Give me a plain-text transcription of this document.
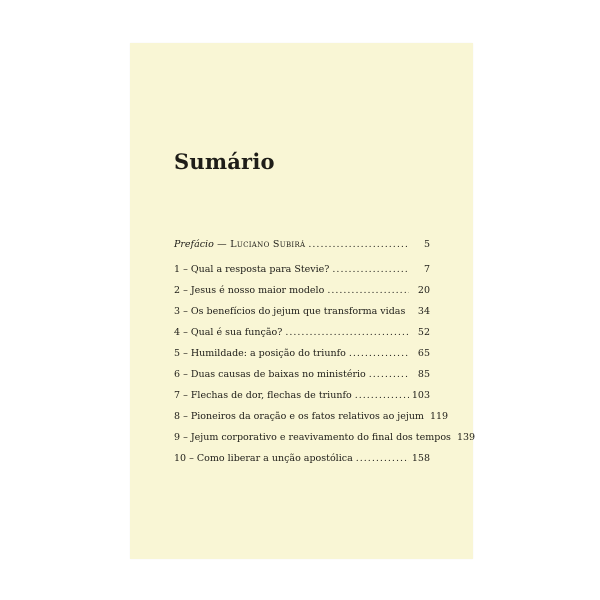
Sumário
Prefácio — Luciano Subirá .....	5
1 – Qual a resposta para Stevie? .....	7
2 – Jesus é nosso maior modelo .....	20
3 – Os benefícios do jejum que transforma vidas .....	34
4 – Qual é sua função? .....	52
5 – Humildade: a posição do triunfo .....	65
6 – Duas causas de baixas no ministério .....	85
7 – Flechas de dor, flechas de triunfo .....	103
8 – Pioneiros da oração e os fatos relativos ao jejum 119
9 – Jejum corporativo e reavivamento do final dos tempos 139
10 – Como liberar a unção apostólica .....	158
